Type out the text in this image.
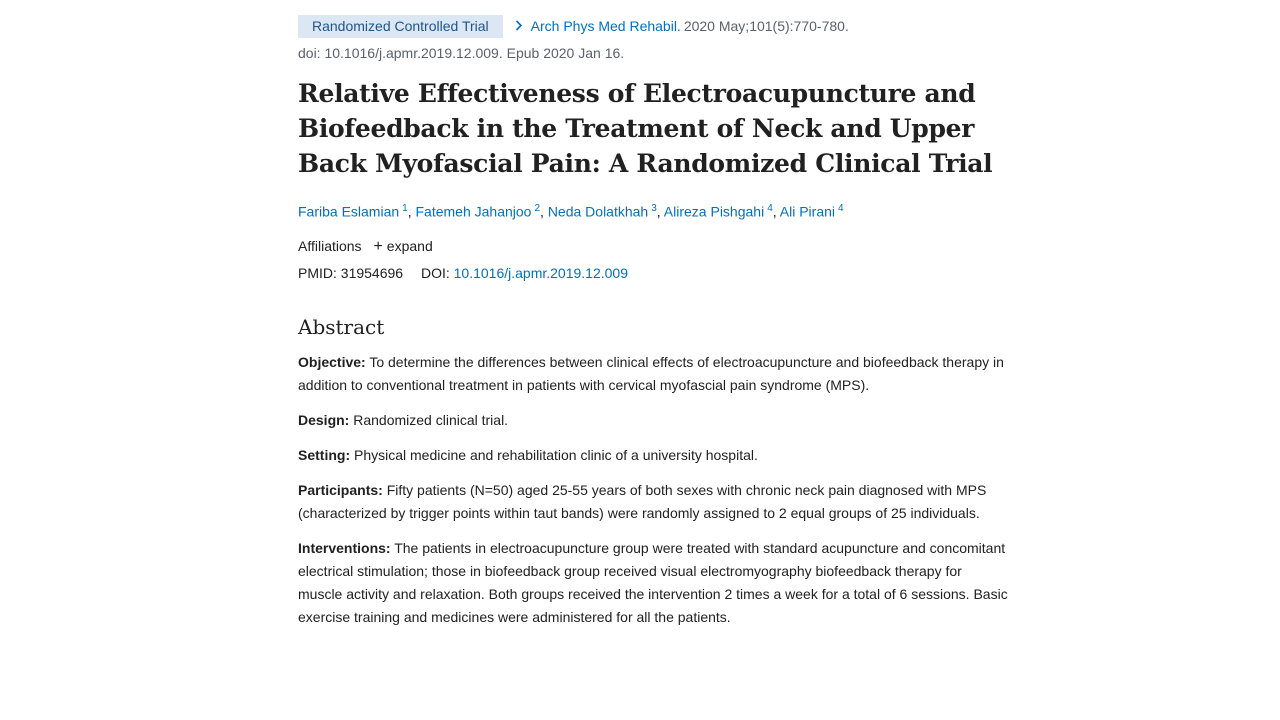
Randomized Controlled Trial	Arch Phys Med Rehabil. 2020 May;101(5):770-780.
doi: 10.1016/j.apmr.2019.12.009. Epub 2020 Jan 16.
Relative Effectiveness of Electroacupuncture and
Biofeedback in the Treatment of Neck and Upper
Back Myofascial Pain: A Randomized Clinical Trial
Fariba Eslamian $^1$, Fatemeh Jahanjoo $^2$, Neda Dolatkhah $^3$, Alireza Pishgahi $^4$, Ali Pirani $^4$
Affiliations + expand
PMID: 31954696 DOI: 10.1016/j.apmr.2019.12.009
Abstract

Objective: To determine the differences between clinical effects of electroacupuncture and biofeedback therapy in addition to conventional treatment in patients with cervical myofascial pain syndrome (MPS).

Design: Randomized clinical trial.

Setting: Physical medicine and rehabilitation clinic of a university hospital.

Participants: Fifty patients (N=50) aged 25-55 years of both sexes with chronic neck pain diagnosed with MPS (characterized by trigger points within taut bands) were randomly assigned to 2 equal groups of 25 individuals.

Interventions: The patients in electroacupuncture group were treated with standard acupuncture and concomitant electrical stimulation; those in biofeedback group received visual electromyography biofeedback therapy for muscle activity and relaxation. Both groups received the intervention 2 times a week for a total of 6 sessions. Basic exercise training and medicines were administered for all the patients.
